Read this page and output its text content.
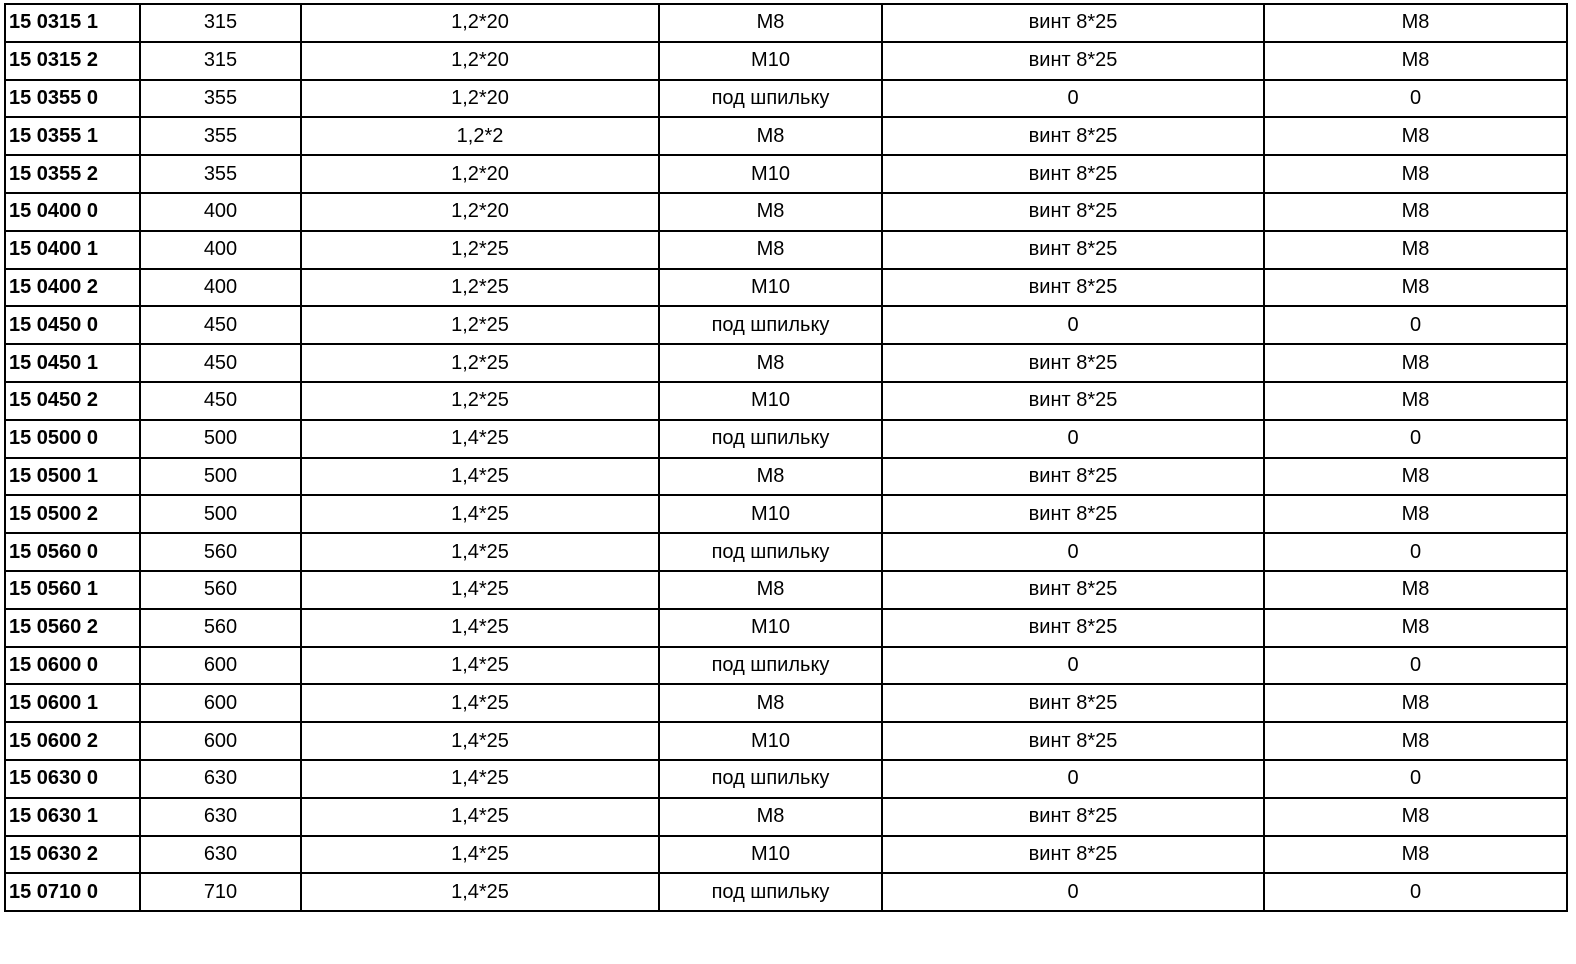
15 0315 1	315	1,2*20	M8	винт 8*25	M8
15 0315 2	315	1,2*20	M10	винт 8*25	M8
15 0355 0	355	1,2*20	под шпильку	0	0
15 0355 1	355	1,2*2	M8	винт 8*25	M8
15 0355 2	355	1,2*20	M10	винт 8*25	M8
15 0400 0	400	1,2*20	M8	винт 8*25	M8
15 0400 1	400	1,2*25	M8	винт 8*25	M8
15 0400 2	400	1,2*25	M10	винт 8*25	M8
15 0450 0	450	1,2*25	под шпильку	0	0
15 0450 1	450	1,2*25	M8	винт 8*25	M8
15 0450 2	450	1,2*25	M10	винт 8*25	M8
15 0500 0	500	1,4*25	под шпильку	0	0
15 0500 1	500	1,4*25	M8	винт 8*25	M8
15 0500 2	500	1,4*25	M10	винт 8*25	M8
15 0560 0	560	1,4*25	под шпильку	0	0
15 0560 1	560	1,4*25	M8	винт 8*25	M8
15 0560 2	560	1,4*25	M10	винт 8*25	M8
15 0600 0	600	1,4*25	под шпильку	0	0
15 0600 1	600	1,4*25	M8	винт 8*25	M8
15 0600 2	600	1,4*25	M10	винт 8*25	M8
15 0630 0	630	1,4*25	под шпильку	0	0
15 0630 1	630	1,4*25	M8	винт 8*25	M8
15 0630 2	630	1,4*25	M10	винт 8*25	M8
15 0710 0	710	1,4*25	под шпильку	0	0
